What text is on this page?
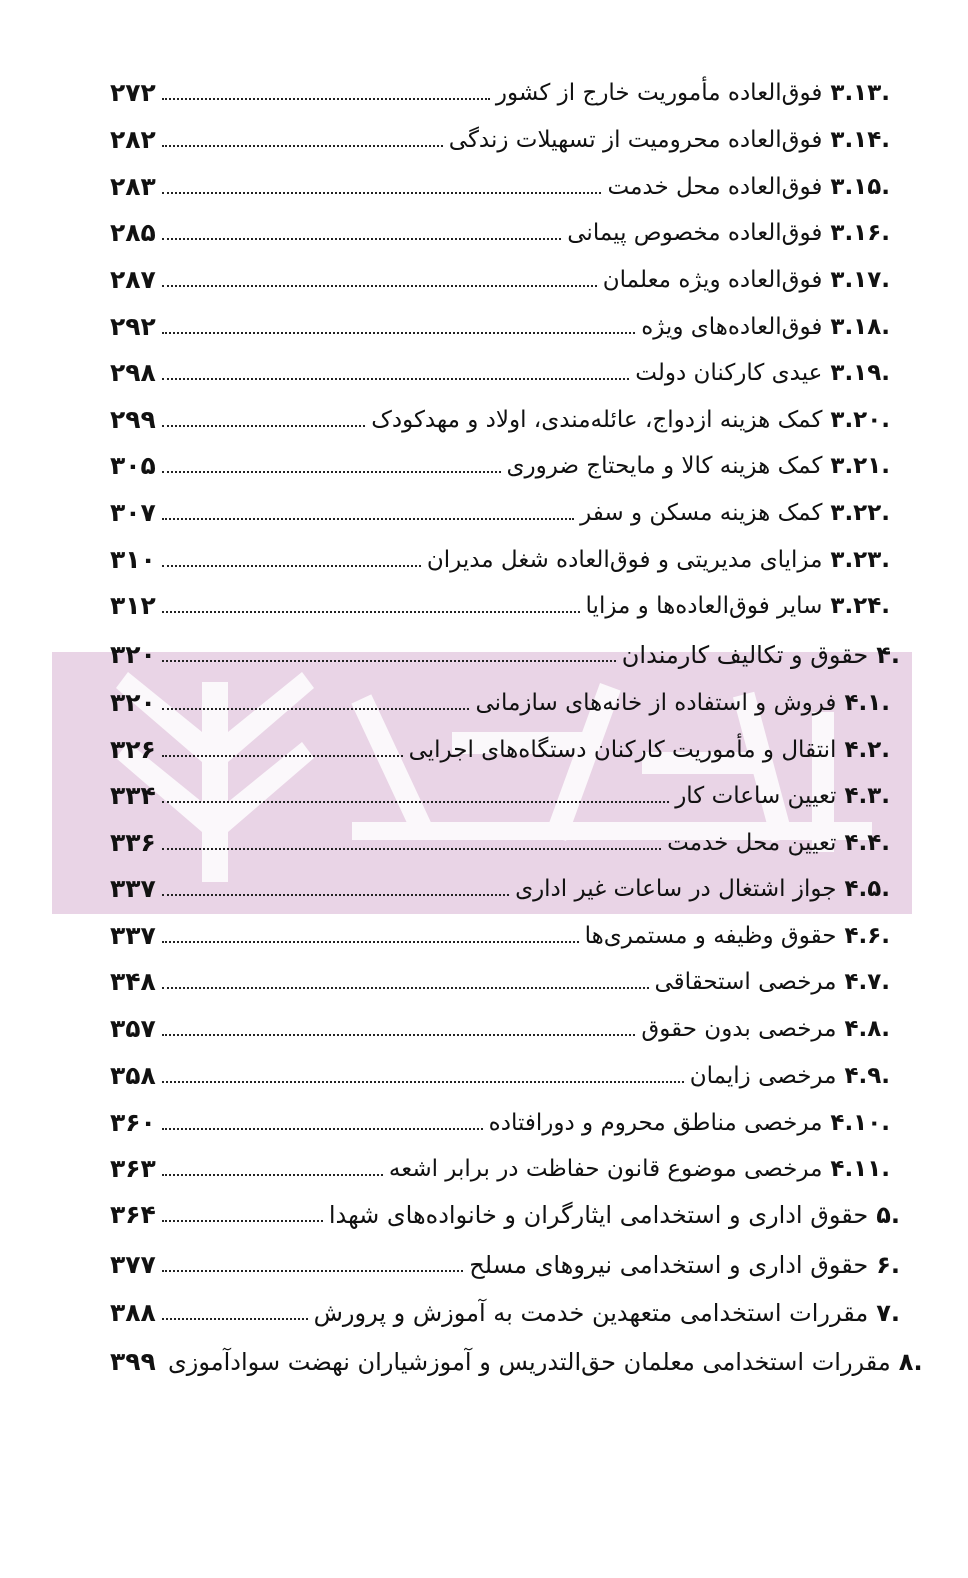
۲۷۲	فوق‌العاده مأموریت خارج از کشور ۳.۱۳.
۲۸۲	فوق‌العاده محرومیت از تسهیلات زندگی ۳.۱۴.
۲۸۳	فوق‌العاده محل خدمت ۳.۱۵.
۲۸۵	فوق‌العاده مخصوص پیمانی ۳.۱۶.
۲۸۷	فوق‌العاده ویژه معلمان ۳.۱۷.
۲۹۲	فوق‌العاده‌های ویژه ۳.۱۸.
۲۹۸	عیدی کارکنان دولت ۳.۱۹.
۲۹۹	کمک هزینه ازدواج، عائله‌مندی، اولاد و مهدکودک ۳.۲۰.
۳۰۵	کمک هزینه کالا و مایحتاج ضروری ۳.۲۱.
۳۰۷	کمک هزینه مسکن و سفر ۳.۲۲.
۳۱۰	مزایای مدیریتی و فوق‌العاده شغل مدیران ۳.۲۳.
۳۱۲	سایر فوق‌العاده‌ها و مزایا ۳.۲۴.
۳۲۰	حقوق و تکالیف کارمندان ۴.
۳۲۰	فروش و استفاده از خانه‌های سازمانی ۴.۱.
۳۲۶	انتقال و مأموریت کارکنان دستگاه‌های اجرایی ۴.۲.
۳۳۴	تعیین ساعات کار ۴.۳.
۳۳۶	تعیین محل خدمت ۴.۴.
۳۳۷	جواز اشتغال در ساعات غیر اداری ۴.۵.
۳۳۷	حقوق وظیفه و مستمری‌ها ۴.۶.
۳۴۸	مرخصی استحقاقی ۴.۷.
۳۵۷	مرخصی بدون حقوق ۴.۸.
۳۵۸	مرخصی زایمان ۴.۹.
۳۶۰	مرخصی مناطق محروم و دورافتاده ۴.۱۰.
۳۶۳	مرخصی موضوع قانون حفاظت در برابر اشعه ۴.۱۱.
۳۶۴	حقوق اداری و استخدامی ایثارگران و خانواده‌های شهدا ۵.
۳۷۷	حقوق اداری و استخدامی نیروهای مسلح ۶.
۳۸۸	مقررات استخدامی متعهدین خدمت به آموزش و پرورش ۷.
۳۹۹ مقررات استخدامی معلمان حق‌التدریس و آموزشیاران نهضت سوادآموزی ۸.
